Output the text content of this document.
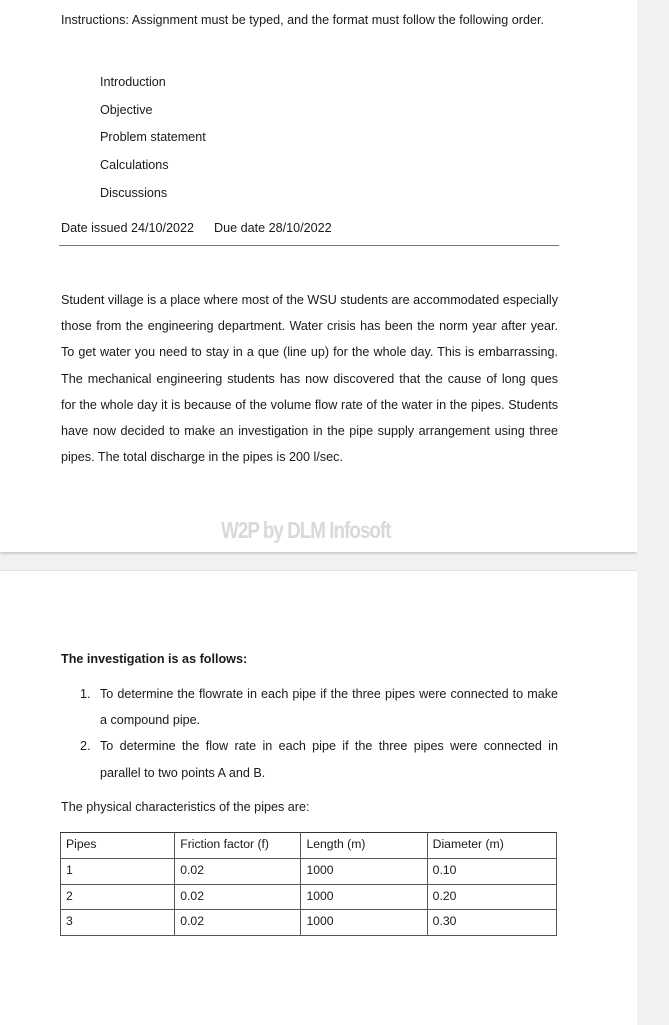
Instructions: Assignment must be typed, and the format must follow the following order.
Introduction
Objective
Problem statement
Calculations
Discussions
Date issued 24/10/2022 Due date 28/10/2022
Student village is a place where most of the WSU students are accommodated especially those from the engineering department. Water crisis has been the norm year after year. To get water you need to stay in a que (line up) for the whole day. This is embarrassing. The mechanical engineering students has now discovered that the cause of long ques for the whole day it is because of the volume flow rate of the water in the pipes. Students have now decided to make an investigation in the pipe supply arrangement using three pipes. The total discharge in the pipes is 200 l/sec.
W2P by DLM Infosoft
The investigation is as follows:
1. To determine the flowrate in each pipe if the three pipes were connected to make a compound pipe.
2. To determine the flow rate in each pipe if the three pipes were connected in parallel to two points A and B.
The physical characteristics of the pipes are:
Pipes	Friction factor (f)	Length (m)	Diameter (m)
1	0.02	1000	0.10
2	0.02	1000	0.20
3	0.02	1000	0.30
